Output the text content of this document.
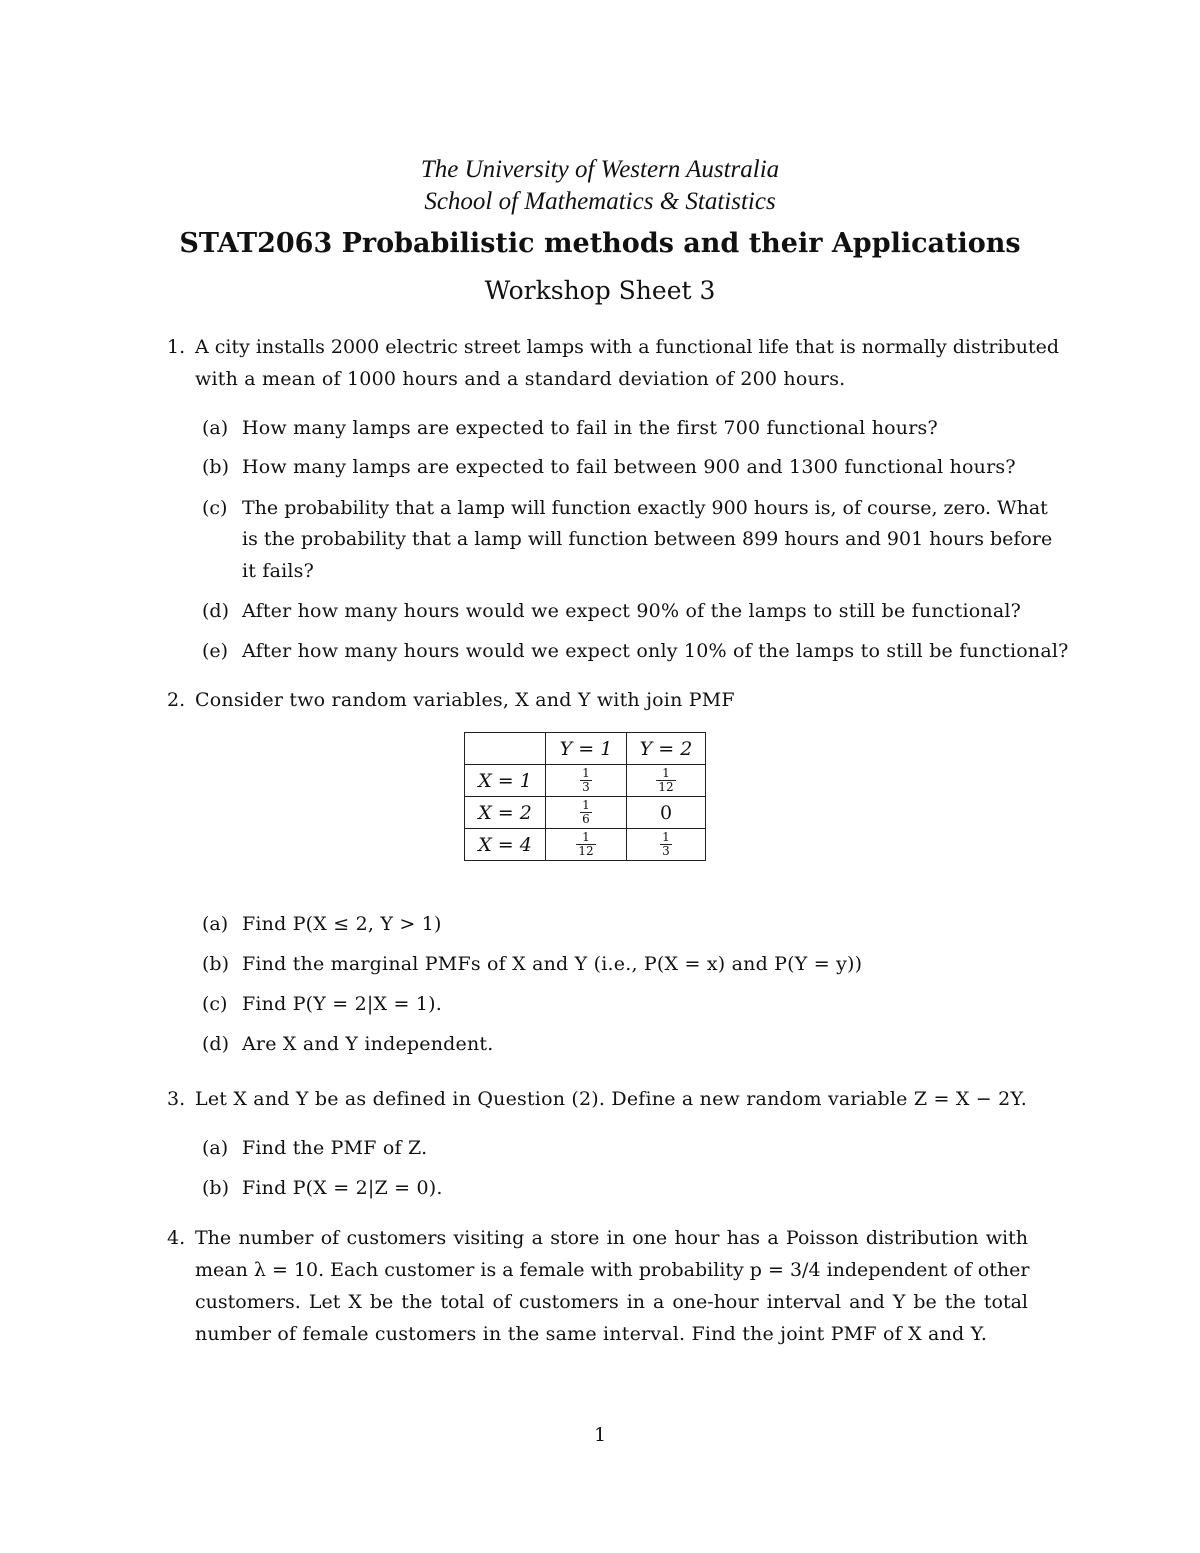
The University of Western Australia
School of Mathematics & Statistics
STAT2063 Probabilistic methods and their Applications
Workshop Sheet 3
1. A city installs 2000 electric street lamps with a functional life that is normally distributed
with a mean of 1000 hours and a standard deviation of 200 hours.
(a) How many lamps are expected to fail in the first 700 functional hours?
(b) How many lamps are expected to fail between 900 and 1300 functional hours?
(c) The probability that a lamp will function exactly 900 hours is, of course, zero. What
is the probability that a lamp will function between 899 hours and 901 hours before
it fails?
(d) After how many hours would we expect 90% of the lamps to still be functional?
(e) After how many hours would we expect only 10% of the lamps to still be functional?
2. Consider two random variables, X and Y with join PMF
	Y = 1	Y = 2
X = 1	$\frac{1}{3}$	$\frac{1}{12}$

X = 2	$\frac{1}{6}$	0
X = 4	$\frac{1}{12}$	$\frac{1}{3}$
(a) Find P(X ≤ 2, Y > 1)
(b) Find the marginal PMFs of X and Y (i.e., P(X = x) and P(Y = y))
(c) Find P(Y = 2|X = 1).
(d) Are X and Y independent.
3. Let X and Y be as defined in Question (2). Define a new random variable Z = X − 2Y.
(a) Find the PMF of Z.
(b) Find P(X = 2|Z = 0).
4. The number of customers visiting a store in one hour has a Poisson distribution with
mean λ = 10. Each customer is a female with probability p = 3/4 independent of other
customers. Let X be the total of customers in a one-hour interval and Y be the total
number of female customers in the same interval. Find the joint PMF of X and Y.
1
